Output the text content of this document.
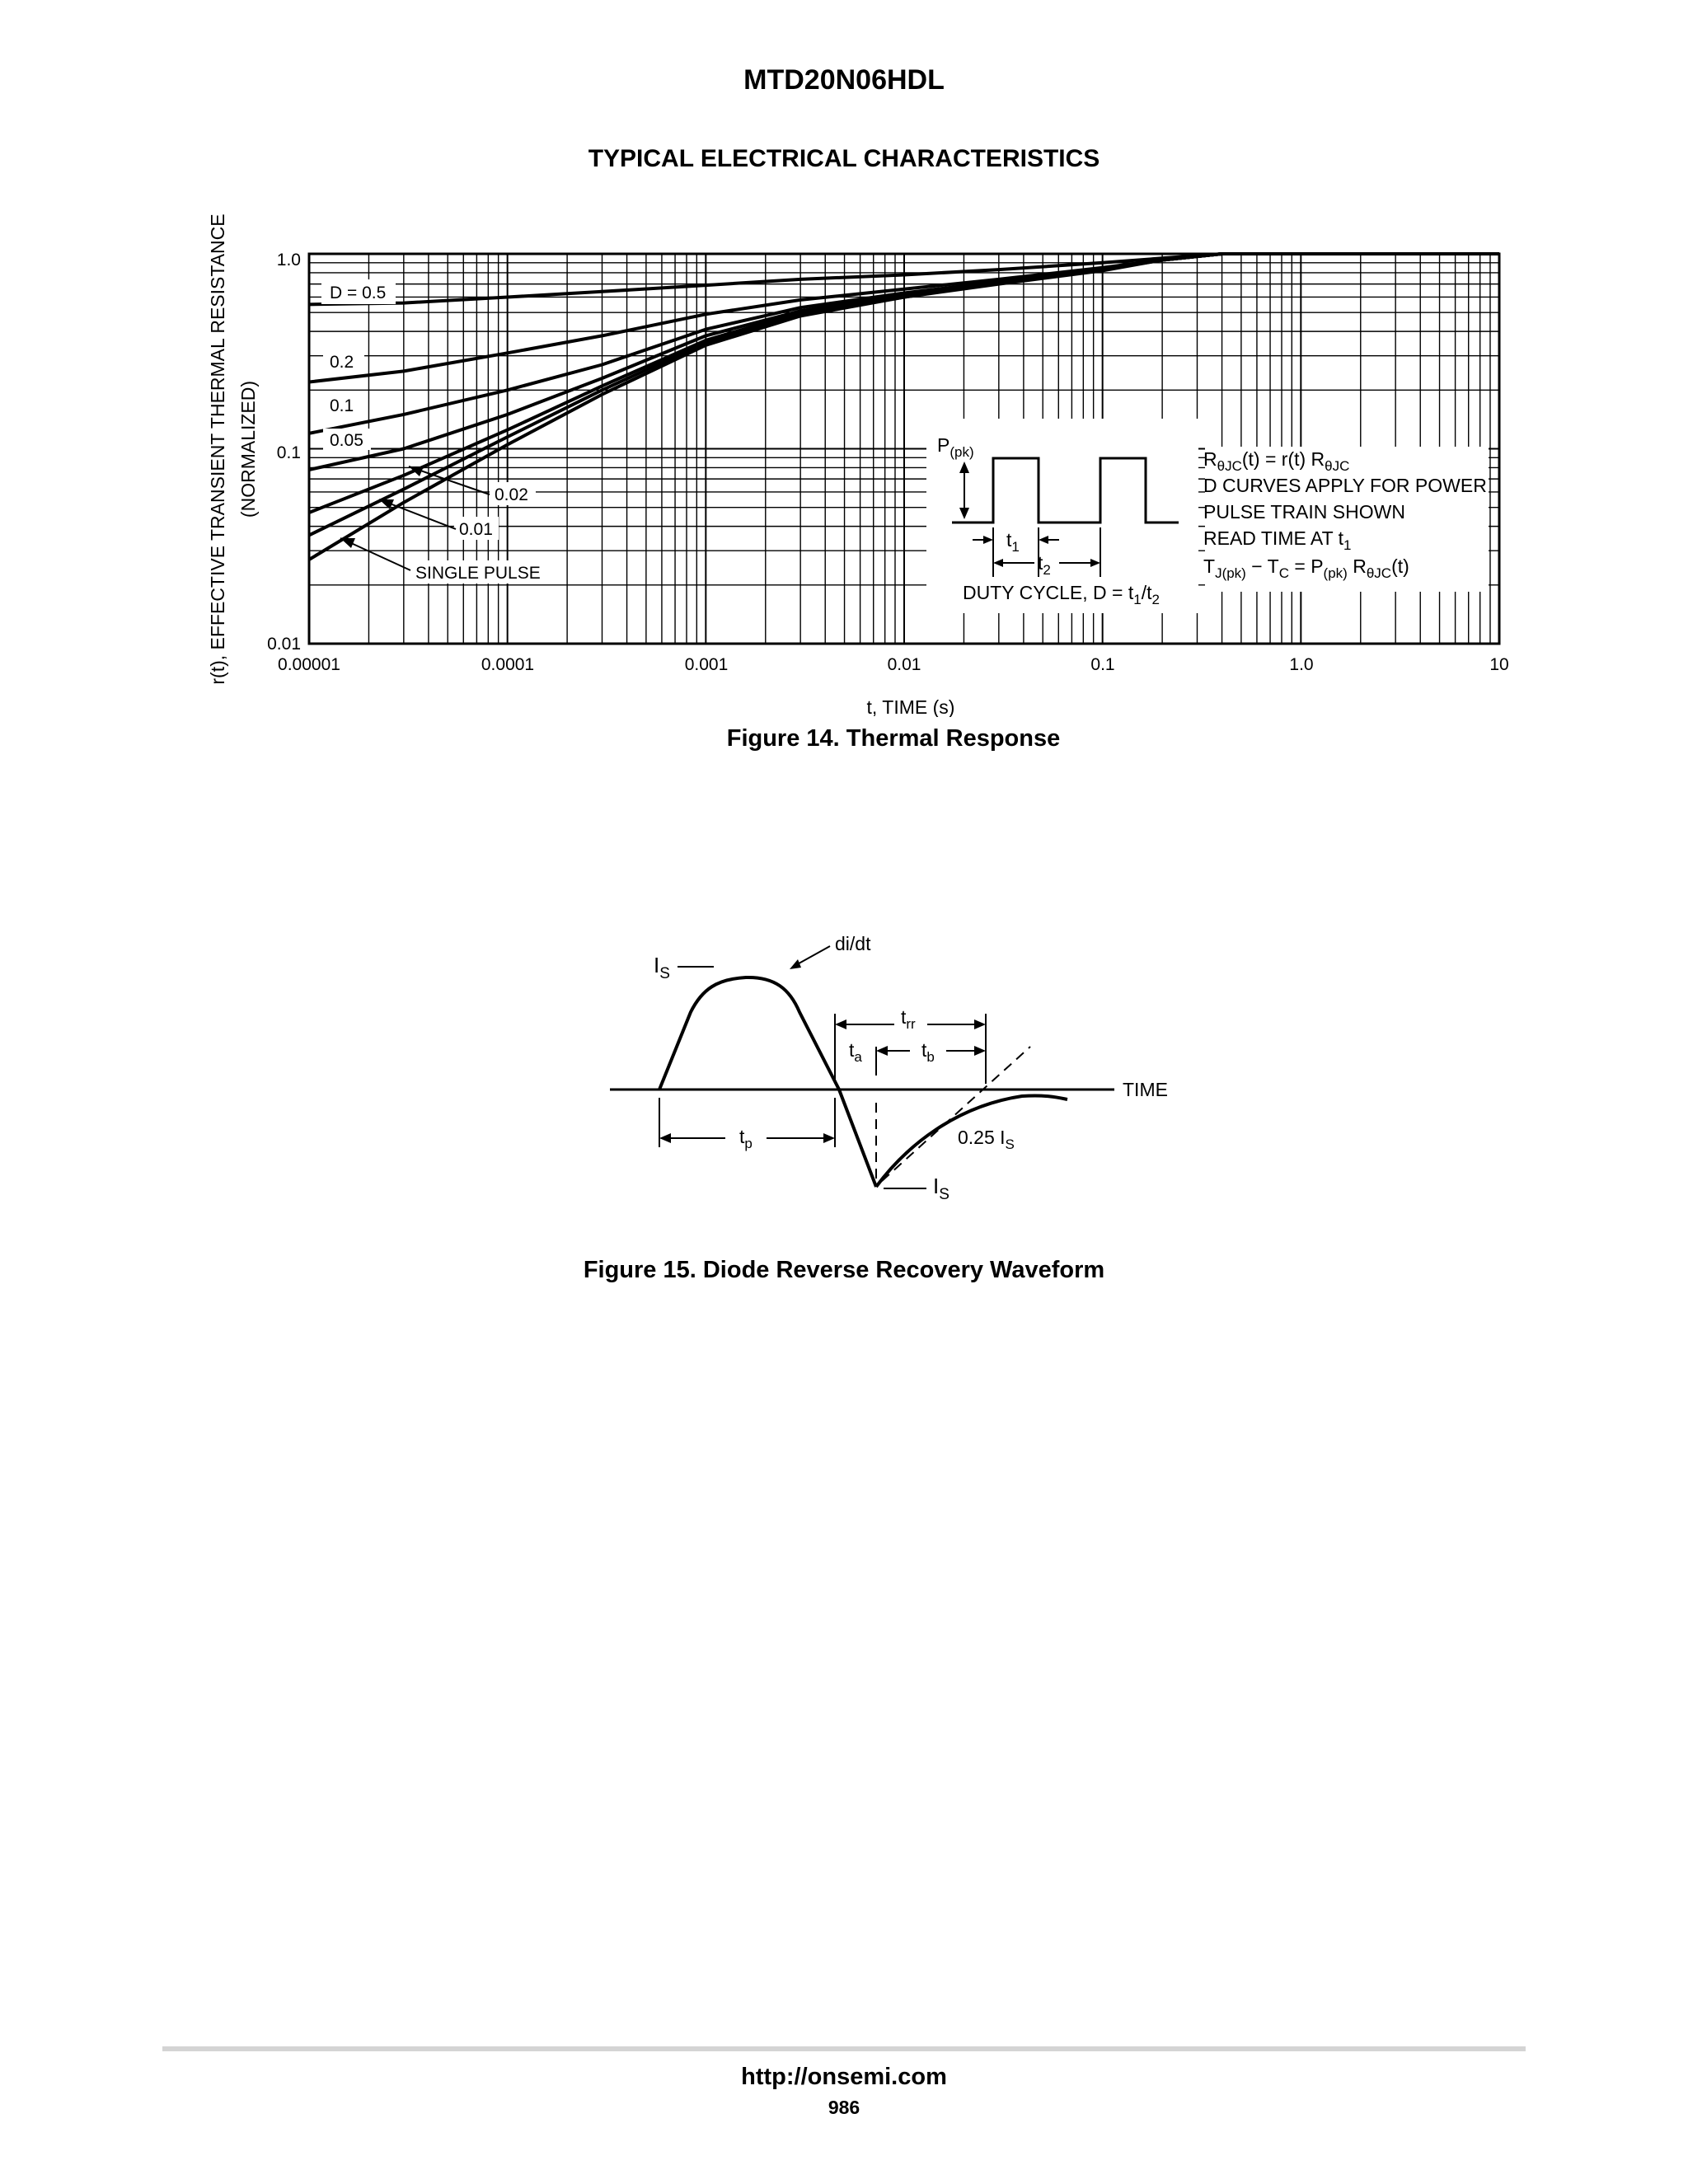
MTD20N06HDL
TYPICAL ELECTRICAL CHARACTERISTICS
1.0
0.1
0.01
0.00001	0.0001	0.001	0.01	0.1	1.0	10
t, TIME (s)
r(t), EFFECTIVE TRANSIENT THERMAL RESISTANCE (NORMALIZED)
D = 0.5
0.2
0.1
0.05
0.02
0.01
SINGLE PULSE
$P_{(pk)}$
$t_1$
$t_2$
DUTY CYCLE, $D = t_1/t_2$
$R_{\theta JC}(t) = r(t)$ $R_{\theta JC}$
D CURVES APPLY FOR POWER
PULSE TRAIN SHOWN
READ TIME AT $t_1$
$T_{J(pk)} - T_C = P_{(pk)}$ $R_{\theta JC}(t)$
Figure 14. Thermal Response
TIME
$t_{rr}$
$t_a$	$t_b$
$t_p$
$I_S$
$I_S$
di/dt
0.25 $I_S$
Figure 15. Diode Reverse Recovery Waveform
http://onsemi.com
986
